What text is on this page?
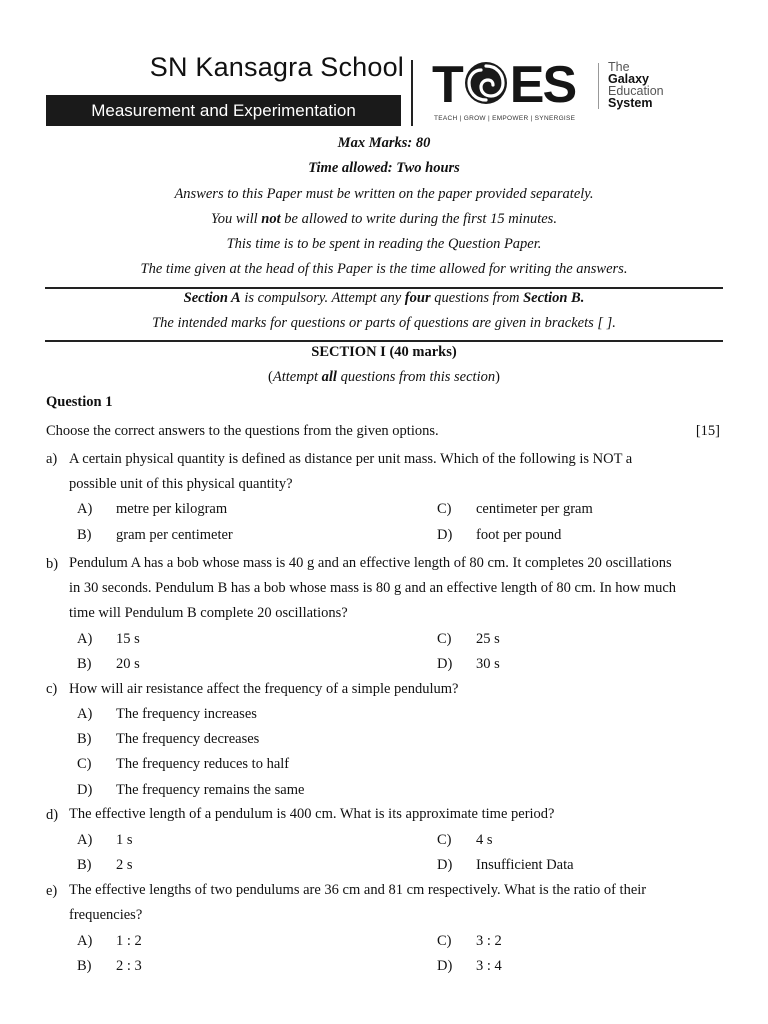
SN Kansagra School
Measurement and Experimentation	T ES
TEACH | GROW | EMPOWER | SYNERGISE
The
Galaxy
Education
System
Max Marks: 80
Time allowed: Two hours
Answers to this Paper must be written on the paper provided separately.
You will not be allowed to write during the first 15 minutes.
This time is to be spent in reading the Question Paper.
The time given at the head of this Paper is the time allowed for writing the answers.
Section A is compulsory. Attempt any four questions from Section B.
The intended marks for questions or parts of questions are given in brackets [ ].
SECTION I (40 marks)
(Attempt all questions from this section)
Question 1
Choose the correct answers to the questions from the given options.	[15]
a) A certain physical quantity is defined as distance per unit mass. Which of the following is NOT a
possible unit of this physical quantity?
A) metre per kilogram	C) centimeter per gram
B) gram per centimeter	D) foot per pound
b) Pendulum A has a bob whose mass is 40 g and an effective length of 80 cm. It completes 20 oscillations
in 30 seconds. Pendulum B has a bob whose mass is 80 g and an effective length of 80 cm. In how much
time will Pendulum B complete 20 oscillations?
A) 15 s	C) 25 s
B) 20 s	D) 30 s
c) How will air resistance affect the frequency of a simple pendulum?
A) The frequency increases
B) The frequency decreases
C) The frequency reduces to half
D) The frequency remains the same
d) The effective length of a pendulum is 400 cm. What is its approximate time period?
A) 1 s	C) 4 s
B) 2 s	D) Insufficient Data
e) The effective lengths of two pendulums are 36 cm and 81 cm respectively. What is the ratio of their
frequencies?
A) 1 : 2	C) 3 : 2
B) 2 : 3	D) 3 : 4
